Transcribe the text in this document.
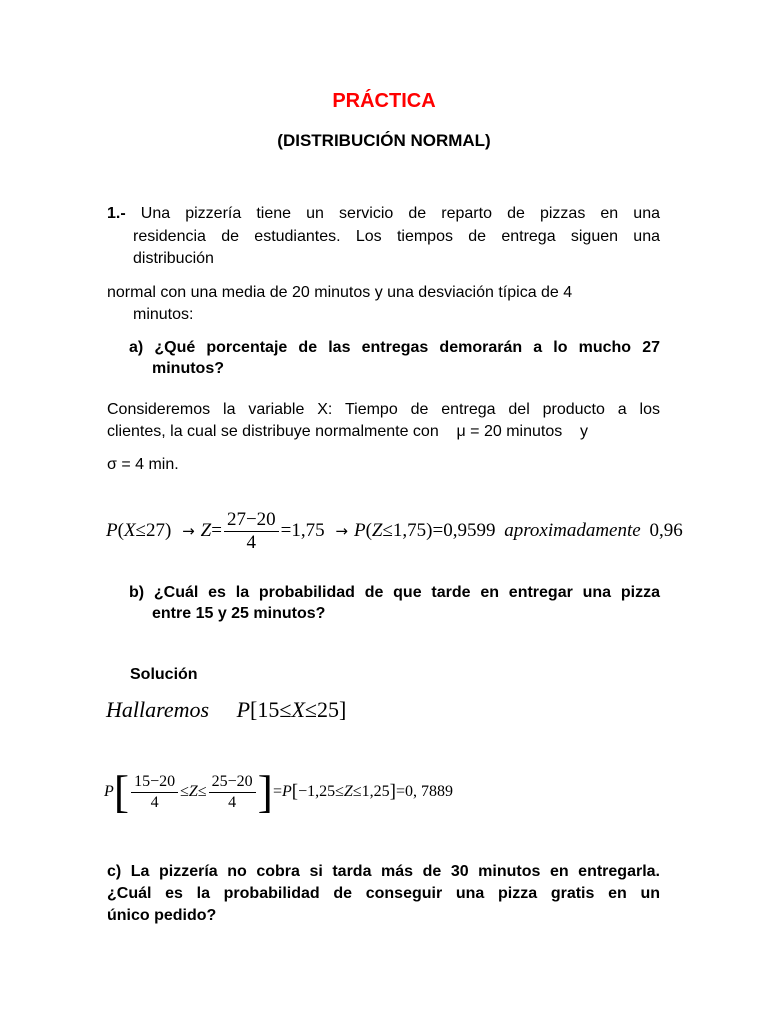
PRÁCTICA
(DISTRIBUCIÓN NORMAL)
1.- Una pizzería tiene un servicio de reparto de pizzas en una
residencia de estudiantes. Los tiempos de entrega siguen una
distribución
normal con una media de 20 minutos y una desviación típica de 4
minutos:
a) ¿Qué porcentaje de las entregas demorarán a lo mucho 27
minutos?
Consideremos la variable X: Tiempo de entrega del producto a los
clientes, la cual se distribuye normalmente con    μ = 20 minutos    y
σ = 4 min.
$P(X\le 27) \to Z= \frac{27-20}{4} =1,75 \to P(Z\le 1,75)=0,9599$ aproximadamente 0,96
b) ¿Cuál es la probabilidad de que tarde en entregar una pizza
entre 15 y 25 minutos?
Solución
Hallaremos P[15≤X≤25]
$P[ \frac{15-20}{4} \le Z\le \frac{25-20}{4} ]=P[-1,25\le Z\le 1,25]=0$, 7889
c) La pizzería no cobra si tarda más de 30 minutos en entregarla.
¿Cuál es la probabilidad de conseguir una pizza gratis en un
único pedido?
